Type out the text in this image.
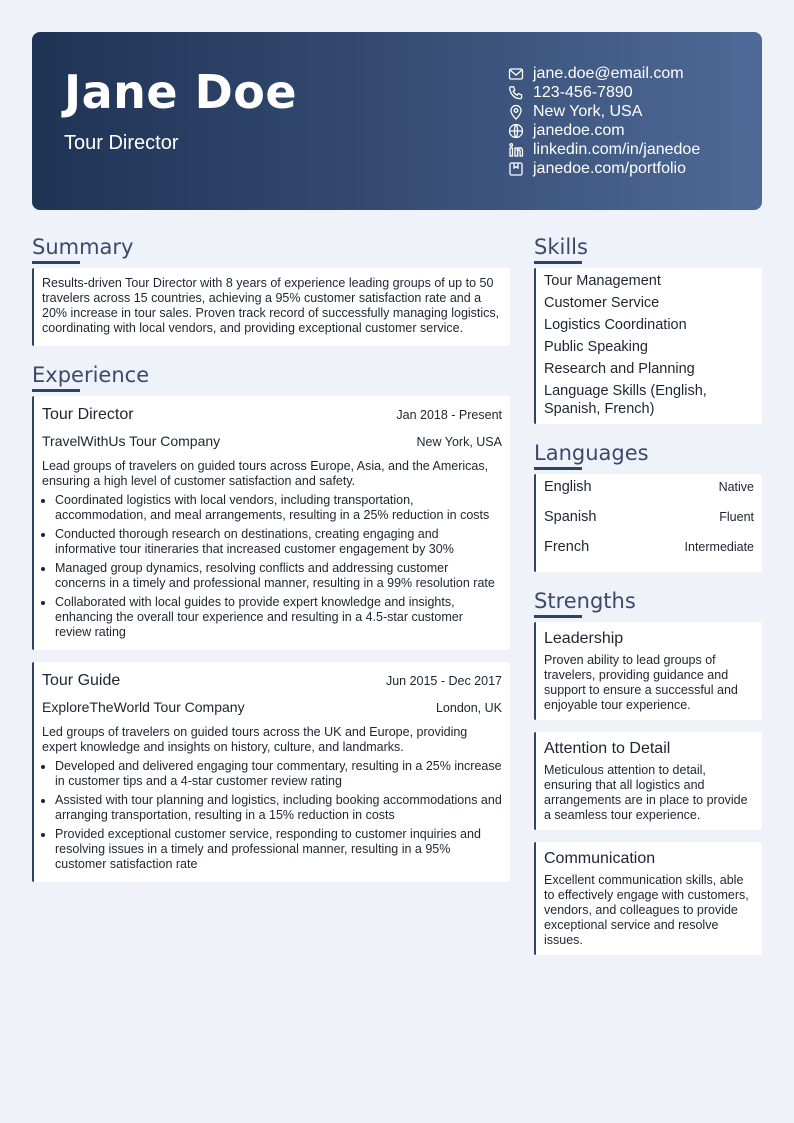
Jane Doe
Tour Director
jane.doe@email.com
123-456-7890
New York, USA
janedoe.com
linkedin.com/in/janedoe
janedoe.com/portfolio
Summary
Results-driven Tour Director with 8 years of experience leading groups of up to 50 travelers across 15 countries, achieving a 95% customer satisfaction rate and a 20% increase in tour sales. Proven track record of successfully managing logistics, coordinating with local vendors, and providing exceptional customer service.
Experience
Tour Director	Jan 2018 - Present
TravelWithUs Tour Company	New York, USA
Lead groups of travelers on guided tours across Europe, Asia, and the Americas, ensuring a high level of customer satisfaction and safety.
• Coordinated logistics with local vendors, including transportation, accommodation, and meal arrangements, resulting in a 25% reduction in costs
• Conducted thorough research on destinations, creating engaging and informative tour itineraries that increased customer engagement by 30%
• Managed group dynamics, resolving conflicts and addressing customer concerns in a timely and professional manner, resulting in a 99% resolution rate
• Collaborated with local guides to provide expert knowledge and insights, enhancing the overall tour experience and resulting in a 4.5-star customer review rating
Tour Guide	Jun 2015 - Dec 2017
ExploreTheWorld Tour Company	London, UK
Led groups of travelers on guided tours across the UK and Europe, providing expert knowledge and insights on history, culture, and landmarks.
• Developed and delivered engaging tour commentary, resulting in a 25% increase in customer tips and a 4-star customer review rating
• Assisted with tour planning and logistics, including booking accommodations and arranging transportation, resulting in a 15% reduction in costs
• Provided exceptional customer service, responding to customer inquiries and resolving issues in a timely and professional manner, resulting in a 95% customer satisfaction rate
Skills
Tour Management
Customer Service
Logistics Coordination
Public Speaking
Research and Planning
Language Skills (English, Spanish, French)
Languages
English	Native
Spanish	Fluent
French	Intermediate
Strengths
Leadership
Proven ability to lead groups of travelers, providing guidance and support to ensure a successful and enjoyable tour experience.
Attention to Detail
Meticulous attention to detail, ensuring that all logistics and arrangements are in place to provide a seamless tour experience.
Communication
Excellent communication skills, able to effectively engage with customers, vendors, and colleagues to provide exceptional service and resolve issues.
